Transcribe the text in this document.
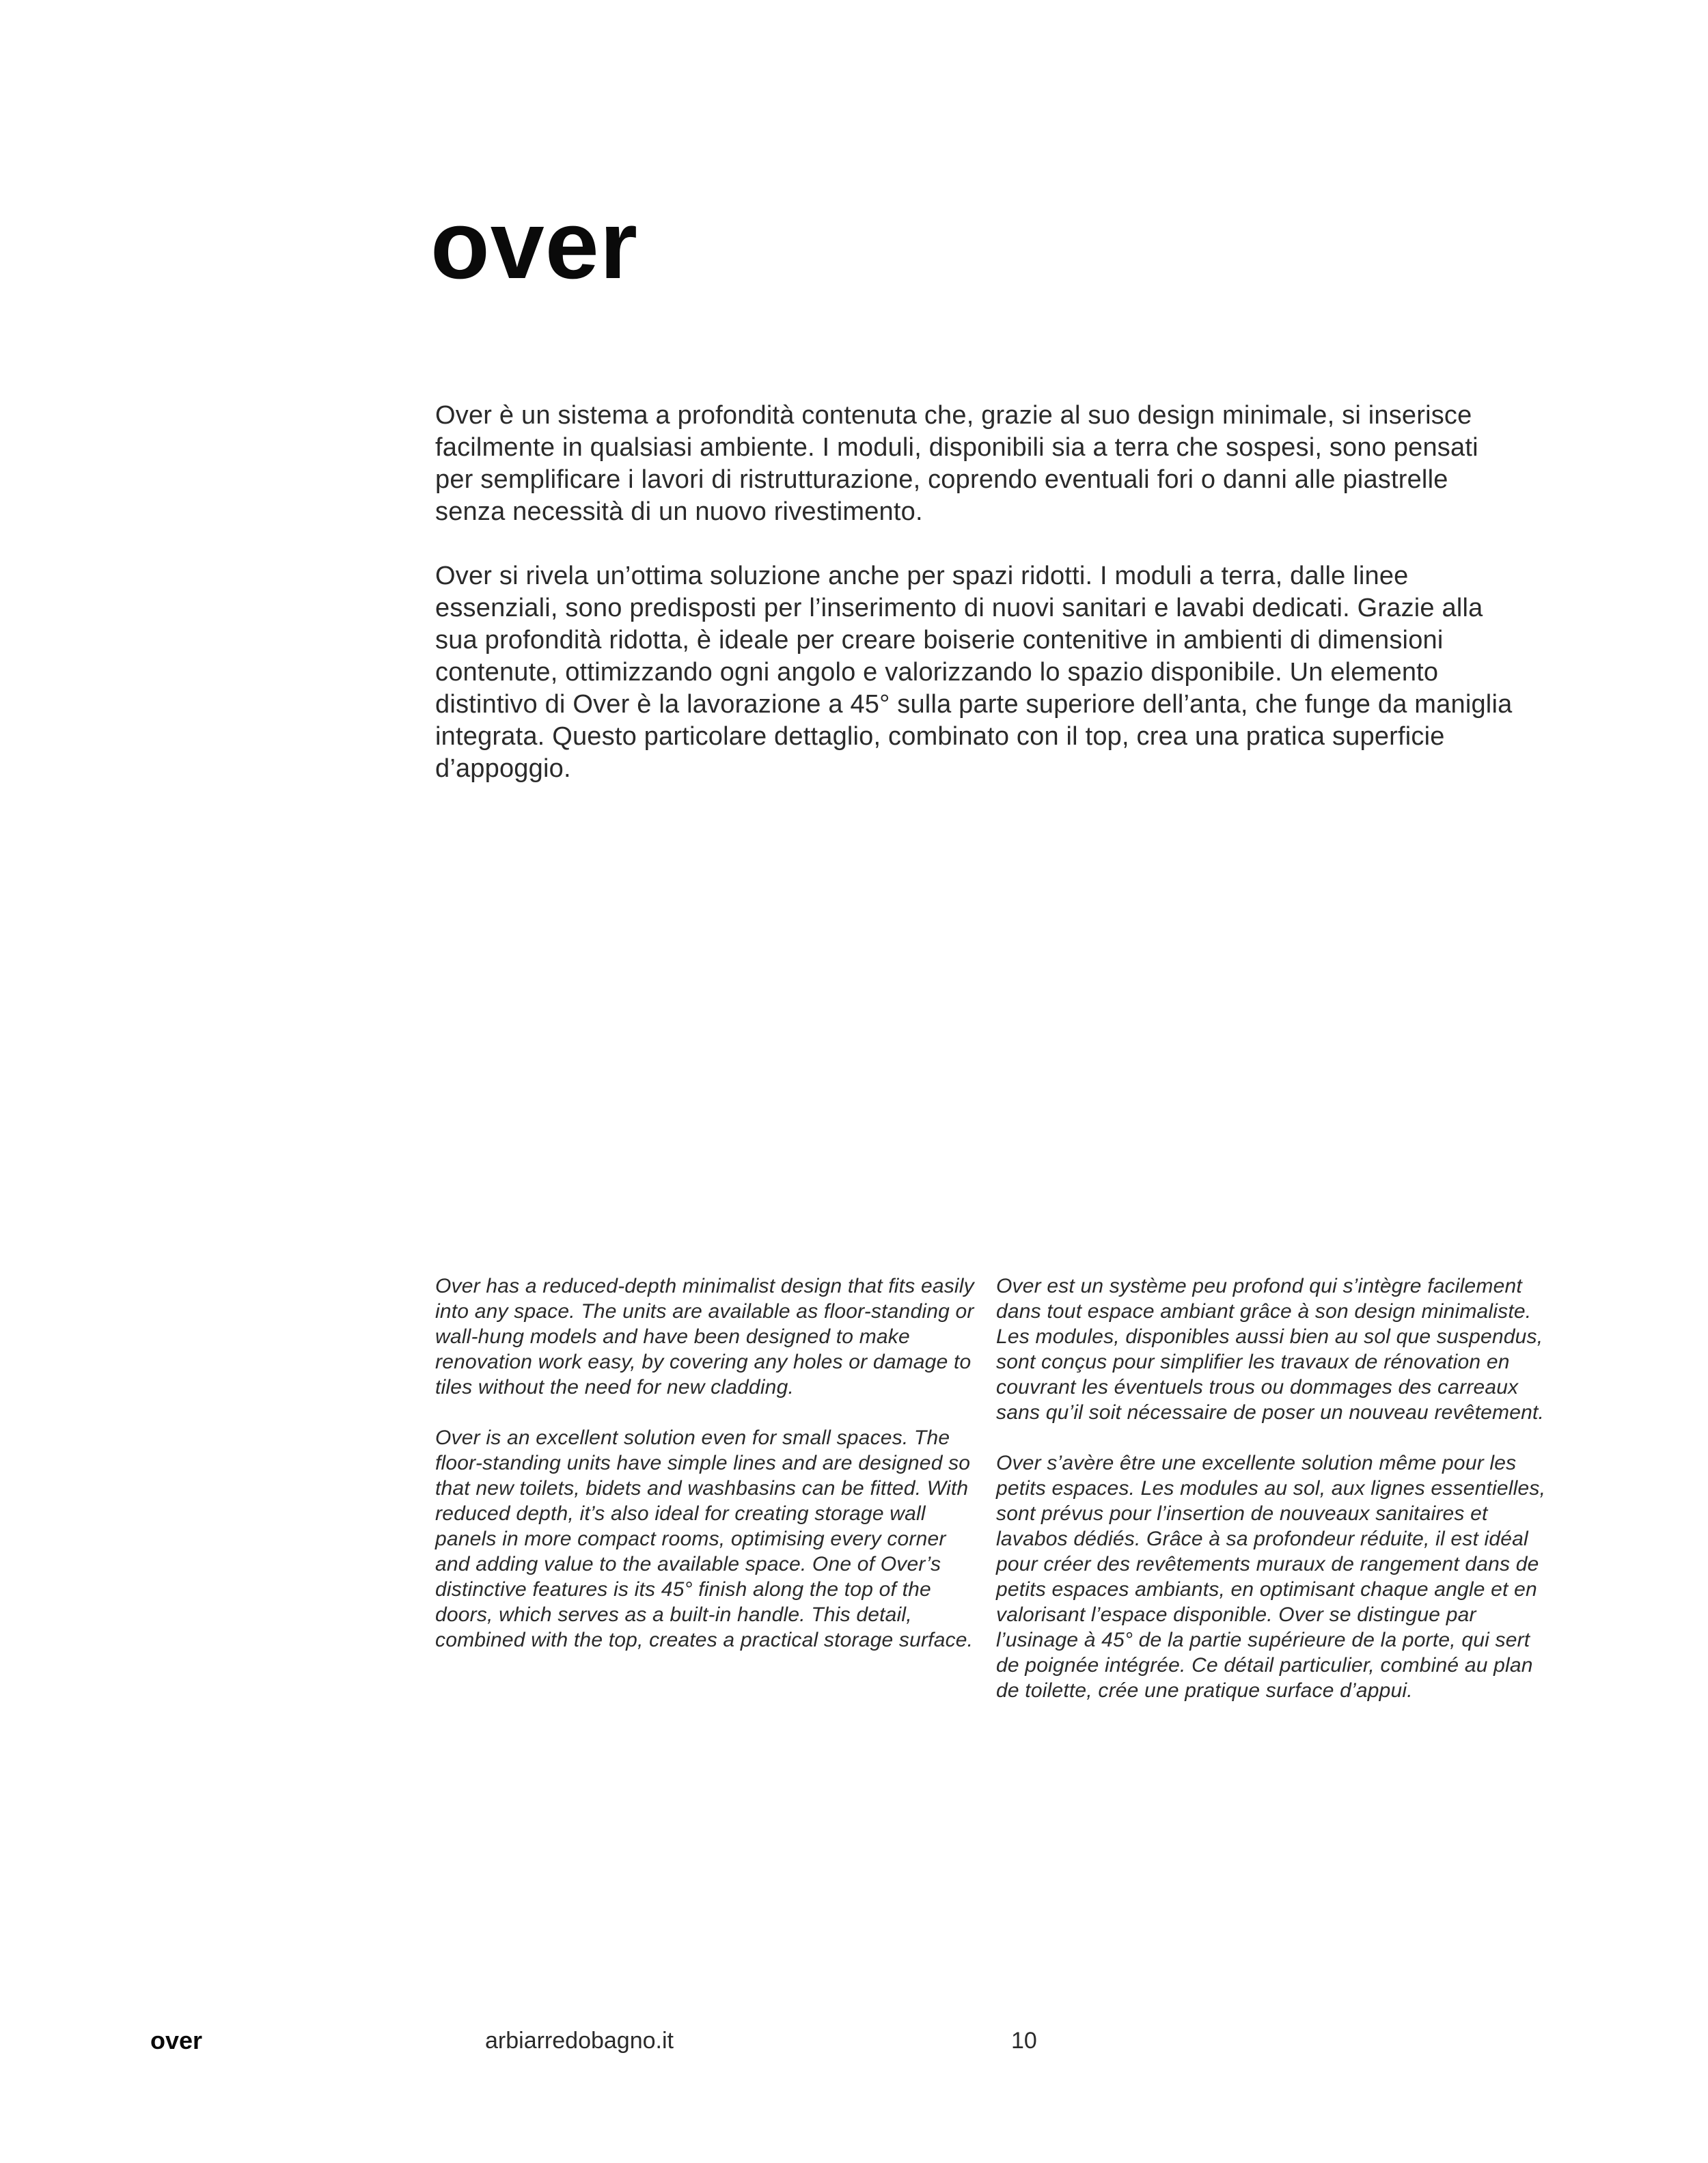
over

Over è un sistema a profondità contenuta che, grazie al suo design minimale, si inserisce facilmente in qualsiasi ambiente. I moduli, disponibili sia a terra che sospesi, sono pensati per semplificare i lavori di ristrutturazione, coprendo eventuali fori o danni alle piastrelle senza necessità di un nuovo rivestimento.

Over si rivela un’ottima soluzione anche per spazi ridotti. I moduli a terra, dalle linee essenziali, sono predisposti per l’inserimento di nuovi sanitari e lavabi dedicati. Grazie alla sua profondità ridotta, è ideale per creare boiserie contenitive in ambienti di dimensioni contenute, ottimizzando ogni angolo e valorizzando lo spazio disponibile. Un elemento distintivo di Over è la lavorazione a 45° sulla parte superiore dell’anta, che funge da maniglia integrata. Questo particolare dettaglio, combinato con il top, crea una pratica superficie d’appoggio.

Over has a reduced-depth minimalist design that fits easily into any space. The units are available as floor-standing or wall-hung models and have been designed to make renovation work easy, by covering any holes or damage to tiles without the need for new cladding.

Over is an excellent solution even for small spaces. The floor-standing units have simple lines and are designed so that new toilets, bidets and washbasins can be fitted. With reduced depth, it’s also ideal for creating storage wall panels in more compact rooms, optimising every corner and adding value to the available space. One of Over’s distinctive features is its 45° finish along the top of the doors, which serves as a built-in handle. This detail, combined with the top, creates a practical storage surface.

Over est un système peu profond qui s’intègre facilement dans tout espace ambiant grâce à son design minimaliste. Les modules, disponibles aussi bien au sol que suspendus, sont conçus pour simplifier les travaux de rénovation en couvrant les éventuels trous ou dommages des carreaux sans qu’il soit nécessaire de poser un nouveau revêtement.

Over s’avère être une excellente solution même pour les petits espaces. Les modules au sol, aux lignes essentielles, sont prévus pour l’insertion de nouveaux sanitaires et lavabos dédiés. Grâce à sa profondeur réduite, il est idéal pour créer des revêtements muraux de rangement dans de petits espaces ambiants, en optimisant chaque angle et en valorisant l’espace disponible. Over se distingue par l’usinage à 45° de la partie supérieure de la porte, qui sert de poignée intégrée. Ce détail particulier, combiné au plan de toilette, crée une pratique surface d’appui.

over	arbiarredobagno.it	10
